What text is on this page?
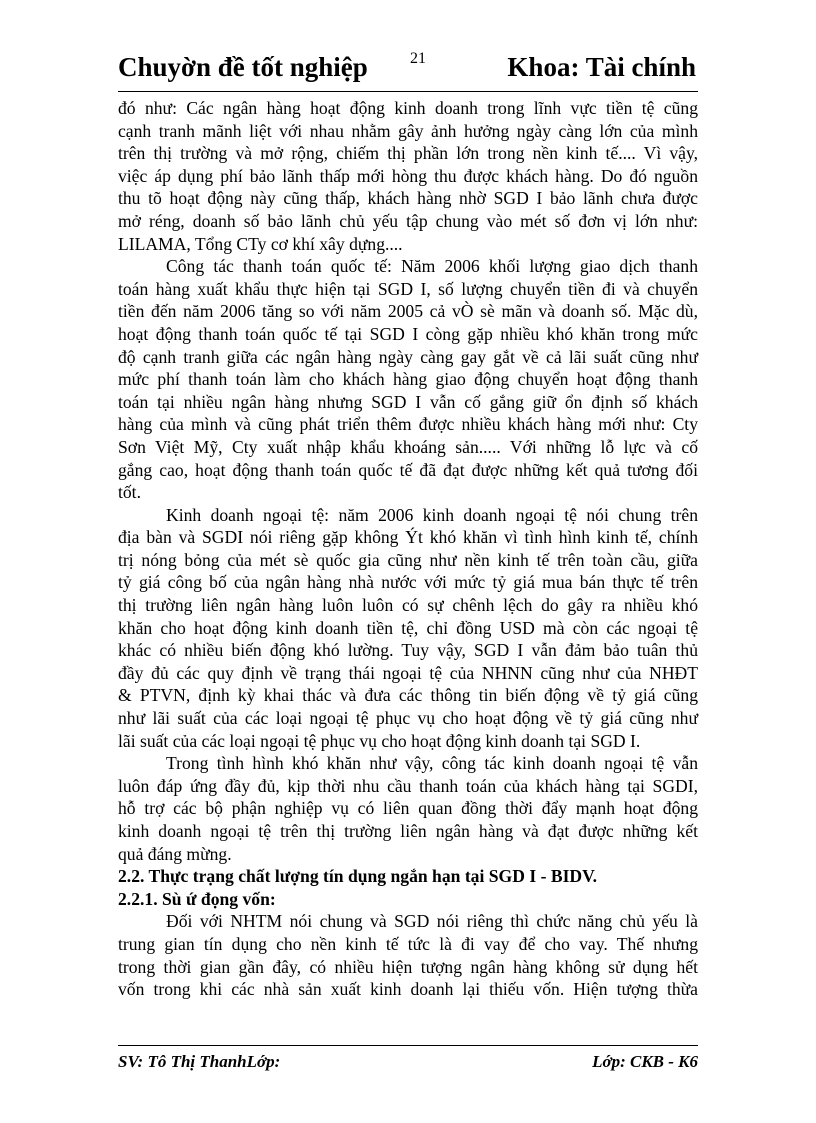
Chuyờn đề tốt nghiệp	21	Khoa: Tài chính
đó như: Các ngân hàng hoạt động kinh doanh trong lĩnh vực tiền tệ cũng
cạnh tranh mãnh liệt với nhau nhằm gây ảnh hưởng ngày càng lớn của mình
trên thị trường và mở rộng, chiếm thị phần lớn trong nền kinh tế.... Vì vậy,
việc áp dụng phí bảo lãnh thấp mới hòng thu được khách hàng. Do đó nguồn
thu tõ hoạt động này cũng thấp, khách hàng nhờ SGD I bảo lãnh chưa được
mở réng, doanh số bảo lãnh chủ yếu tập chung vào mét số đơn vị lớn như:
LILAMA, Tổng CTy cơ khí xây dựng....
Công tác thanh toán quốc tế: Năm 2006 khối lượng giao dịch thanh
toán hàng xuất khẩu thực hiện tại SGD I, số lượng chuyển tiền đi và chuyển
tiền đến năm 2006 tăng so với năm 2005 cả vÒ sè mãn và doanh số. Mặc dù,
hoạt động thanh toán quốc tế tại SGD I còng gặp nhiều khó khăn trong mức
độ cạnh tranh giữa các ngân hàng ngày càng gay gắt về cả lãi suất cũng như
mức phí thanh toán làm cho khách hàng giao động chuyển hoạt động thanh
toán tại nhiều ngân hàng nhưng SGD I vẫn cố gắng giữ ổn định số khách
hàng của mình và cũng phát triển thêm được nhiều khách hàng mới như: Cty
Sơn Việt Mỹ, Cty xuất nhập khẩu khoáng sản..... Với những lỗ lực và cố
gắng cao, hoạt động thanh toán quốc tế đã đạt được những kết quả tương đối
tốt.
Kinh doanh ngoại tệ: năm 2006 kinh doanh ngoại tệ nói chung trên
địa bàn và SGDI nói riêng gặp không Ýt khó khăn vì tình hình kinh tế, chính
trị nóng bỏng của mét sè quốc gia cũng như nền kinh tế trên toàn cầu, giữa
tỷ giá công bố của ngân hàng nhà nước với mức tỷ giá mua bán thực tế trên
thị trường liên ngân hàng luôn luôn có sự chênh lệch do gây ra nhiều khó
khăn cho hoạt động kinh doanh tiền tệ, chỉ đồng USD mà còn các ngoại tệ
khác có nhiều biến động khó lường. Tuy vậy, SGD I vẫn đảm bảo tuân thủ
đầy đủ các quy định về trạng thái ngoại tệ của NHNN cũng như của NHĐT
& PTVN, định kỳ khai thác và đưa các thông tin biến động về tỷ giá cũng
như lãi suất của các loại ngoại tệ phục vụ cho hoạt động về tỷ giá cũng như
lãi suất của các loại ngoại tệ phục vụ cho hoạt động kinh doanh tại SGD I.
Trong tình hình khó khăn như vậy, công tác kinh doanh ngoại tệ vẫn
luôn đáp ứng đầy đủ, kịp thời nhu cầu thanh toán của khách hàng tại SGDI,
hỗ trợ các bộ phận nghiệp vụ có liên quan đồng thời đẩy mạnh hoạt động
kinh doanh ngoại tệ trên thị trường liên ngân hàng và đạt được những kết
quả đáng mừng.
2.2. Thực trạng chất lượng tín dụng ngắn hạn tại SGD I - BIDV.
2.2.1. Sù ứ đọng vốn:
Đối với NHTM nói chung và SGD nói riêng thì chức năng chủ yếu là
trung gian tín dụng cho nền kinh tế tức là đi vay để cho vay. Thế nhưng
trong thời gian gần đây, có nhiều hiện tượng ngân hàng không sử dụng hết
vốn trong khi các nhà sản xuất kinh doanh lại thiếu vốn. Hiện tượng thừa
SV: Tô Thị ThanhLớp:	Lớp: CKB - K6
